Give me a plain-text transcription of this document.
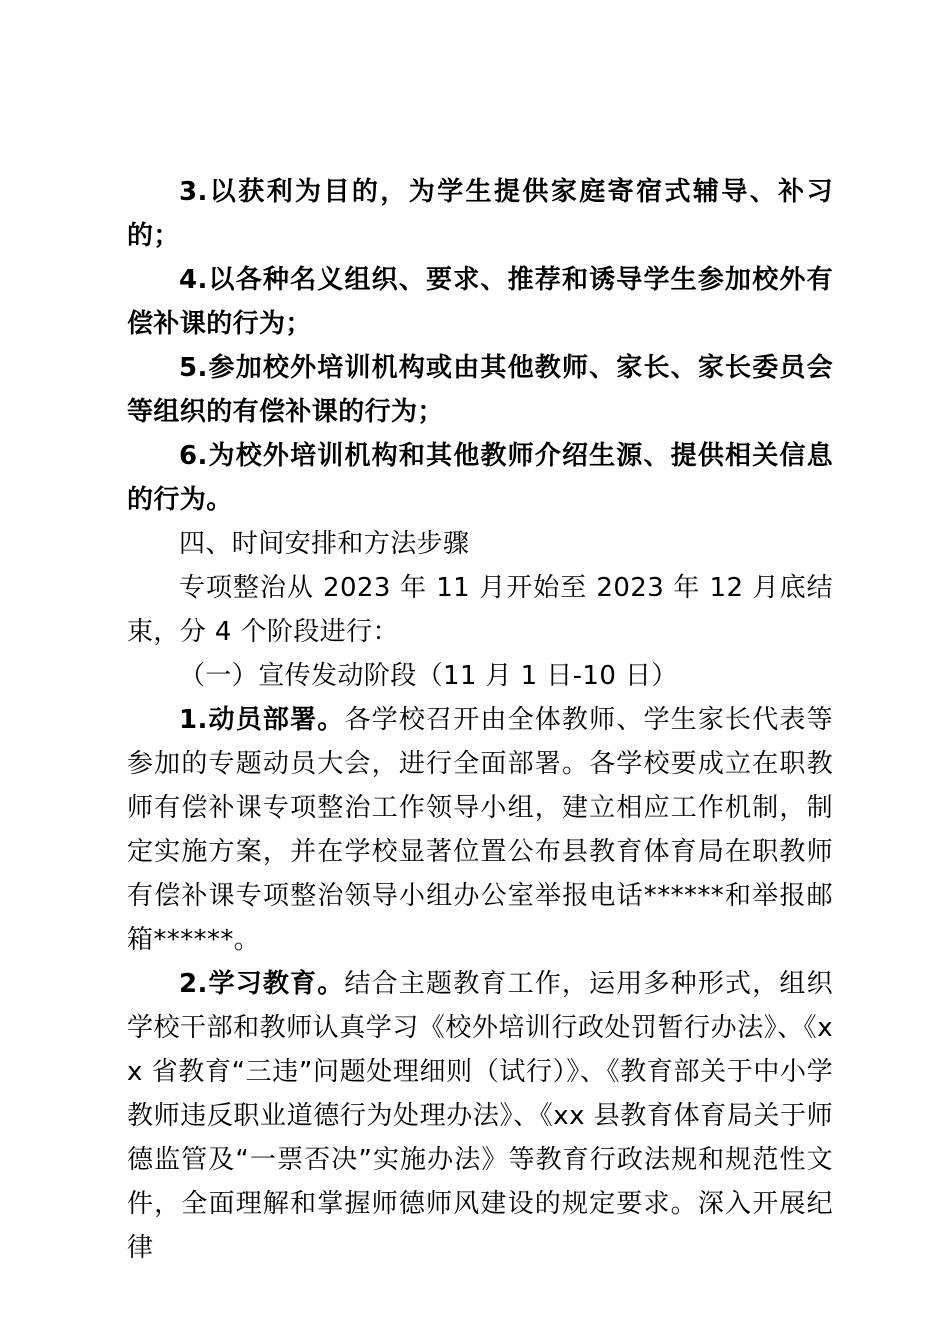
3.以获利为目的，为学生提供家庭寄宿式辅导、补习的；

4.以各种名义组织、要求、推荐和诱导学生参加校外有偿补课的行为；

5.参加校外培训机构或由其他教师、家长、家长委员会等组织的有偿补课的行为；

6.为校外培训机构和其他教师介绍生源、提供相关信息的行为。

四、时间安排和方法步骤

专项整治从 2023 年 11 月开始至 2023 年 12 月底结束，分 4 个阶段进行：

（一）宣传发动阶段（11 月 1 日-10 日）

1.动员部署。各学校召开由全体教师、学生家长代表等参加的专题动员大会，进行全面部署。各学校要成立在职教师有偿补课专项整治工作领导小组，建立相应工作机制，制定实施方案，并在学校显著位置公布县教育体育局在职教师有偿补课专项整治领导小组办公室举报电话******和举报邮箱******。

2.学习教育。结合主题教育工作，运用多种形式，组织学校干部和教师认真学习《校外培训行政处罚暂行办法》、《xx 省教育“三违”问题处理细则（试行）》、《教育部关于中小学教师违反职业道德行为处理办法》、《xx 县教育体育局关于师德监管及“一票否决”实施办法》等教育行政法规和规范性文件，全面理解和掌握师德师风建设的规定要求。深入开展纪律
